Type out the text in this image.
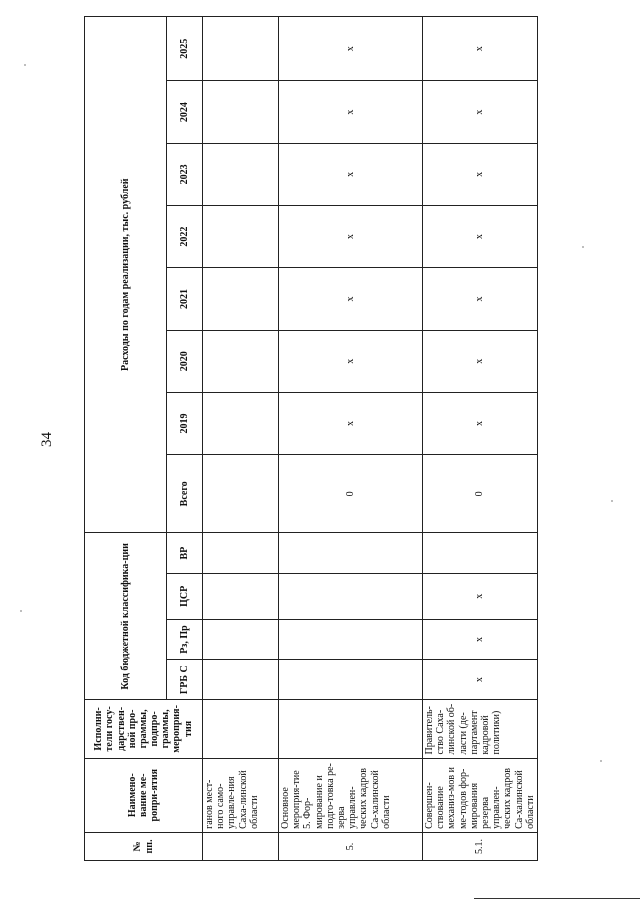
34
№ пп.	Наимено-вание ме-ропри-ятия	Исполни-тели госу-дарствен-ной про-граммы, подпро-граммы, мероприя-тия	Код бюджетной классифика-ции				Расходы по годам реализации, тыс. рублей							
			ГРБ С	Рз, Пр	ЦСР	ВР	Всего	2019	2020	2021	2022	2023	2024	2025
	ганов мест-ного само-управле-ния Саха-линской области													
5.	Основное мероприя-тие 5. Фор-мирование и подго-товка ре-зерва управлен-ческих кадров Са-халинской области						0	x	x	x	x	x	x	x
5.1.	Совершен-ствование механиз-мов и ме-тодов фор-мирования резерва управлен-ческих кадров Са-халинской области	Правитель-ство Саха-линской об-ласти (де-партамент кадровой политики)	x	x	x		0	x	x	x	x	x	x	x
